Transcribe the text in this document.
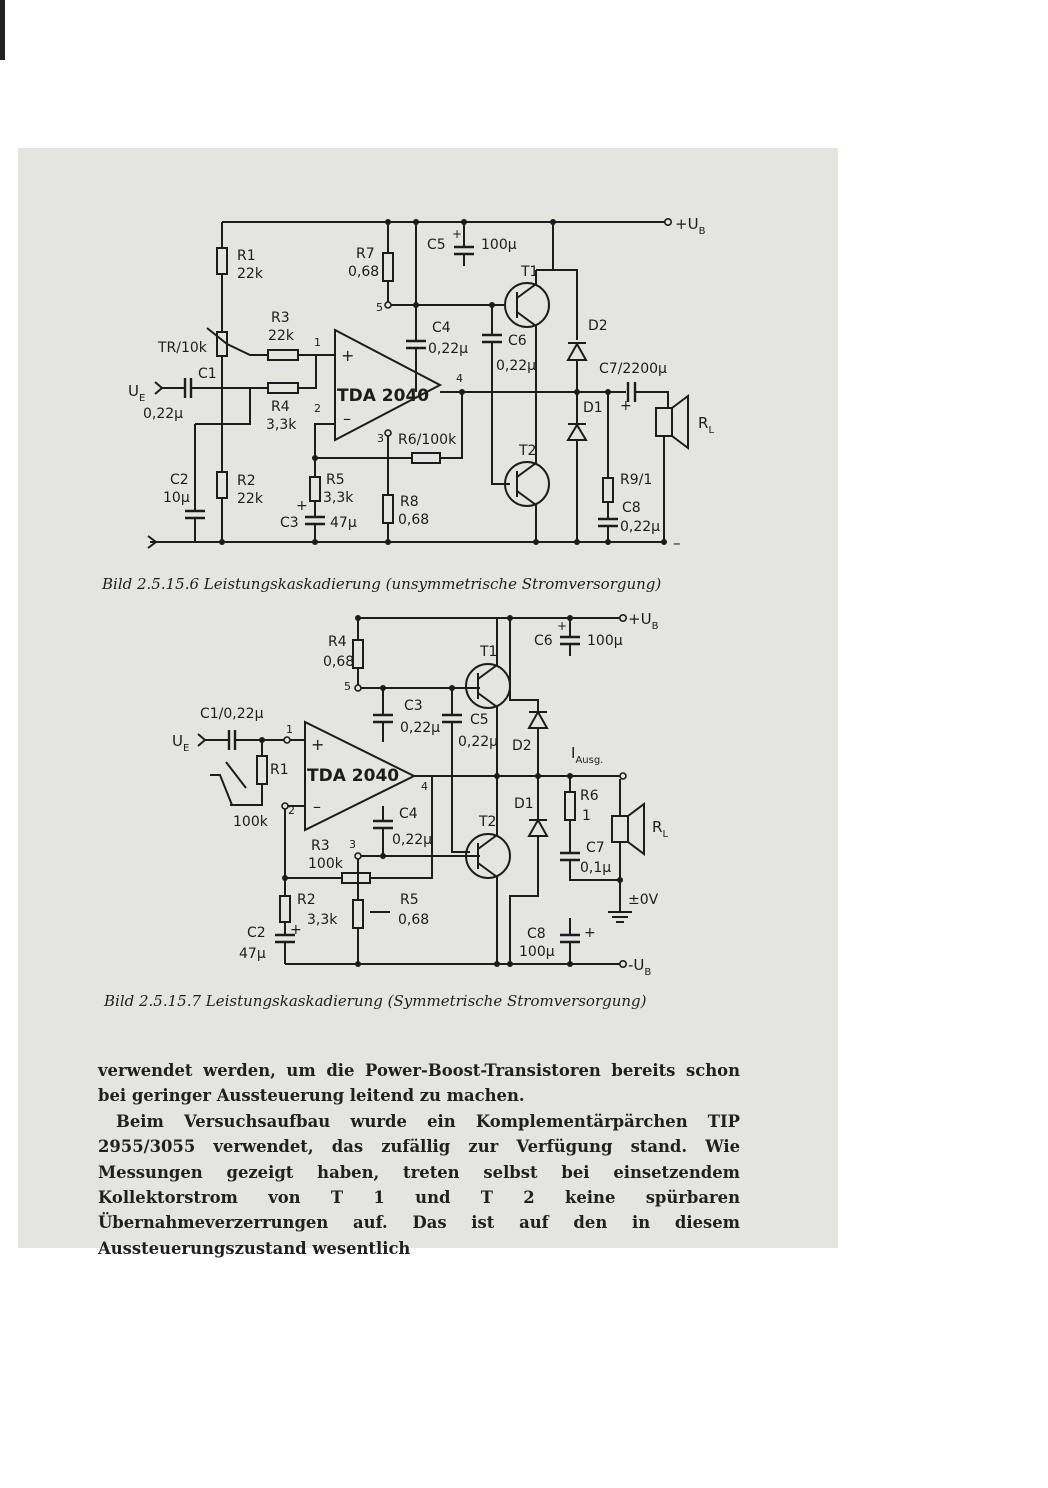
$+U_B$
–
R1
22k
TR/10k
R2
22k
R3
22k
$U_E$
C1
0,22µ	R4
3,3k
C2
10µ
+
–
TDA 2040
1
2
3
4
5
R6/100k
R5
3,3k
+
C3 47µ
R8
0,68
R7
0,68
C4
0,22µ
+
C5	100µ
C7/2200µ
+
C6
0,22µ
T1
T2
D2
D1
R9/1
C8
0,22µ
$R_L$
$+U_B$
$-U_B$
R4
0,68
5
C3
0,22µ C5
0,22µ
+
C6 100µ
$U_E$
C1/0,22µ
1
R1
100k
+
–
TDA 2040
4
2
3
R3
100k
R2
3,3k
+
C2
47µ
R5
0,68
C4
0,22µ
$I_{Ausg.}$
T1
T2
D2
D1	R6
1
C7
0,1µ
±0V
$R_L$
+
C8
100µ
Bild 2.5.15.6 Leistungskaskadierung (unsymmetrische Stromversorgung)
Bild 2.5.15.7 Leistungskaskadierung (Symmetrische Stromversorgung)

verwendet werden, um die Power-Boost-Transistoren bereits schon bei geringer Aussteuerung leitend zu machen.

Beim Versuchsaufbau wurde ein Komplementärpärchen TIP 2955/3055 verwendet, das zufällig zur Verfügung stand. Wie Messungen gezeigt haben, treten selbst bei einsetzendem Kollektorstrom von T 1 und T 2 keine spürbaren Übernahmeverzerrungen auf. Das ist auf den in diesem Aussteuerungszustand wesentlich
